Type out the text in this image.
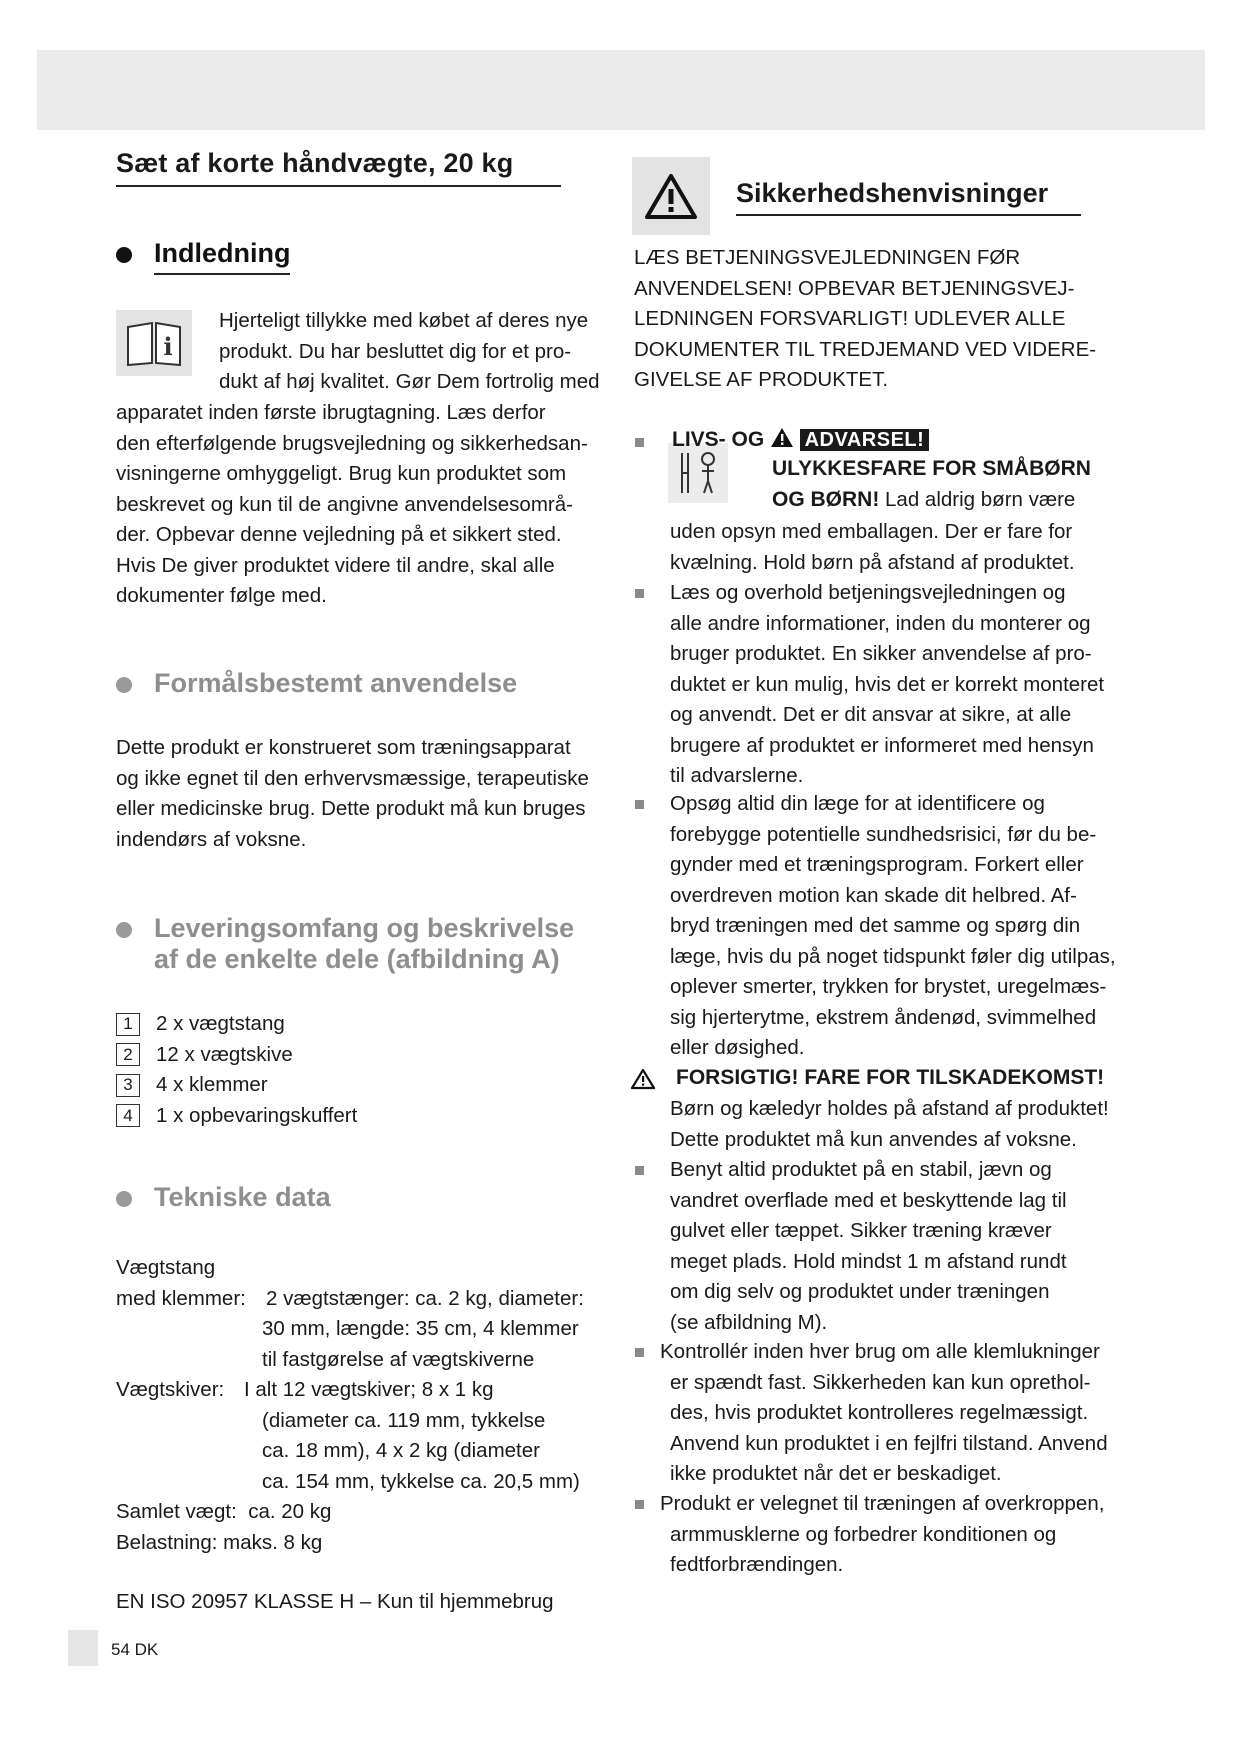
Sæt af korte håndvægte, 20 kg
Indledning
i
Hjerteligt tillykke med købet af deres nye
produkt. Du har besluttet dig for et pro-
dukt af høj kvalitet. Gør Dem fortrolig med
apparatet inden første ibrugtagning. Læs derfor
den efterfølgende brugsvejledning og sikkerhedsan-
visningerne omhyggeligt. Brug kun produktet som
beskrevet og kun til de angivne anvendelsesområ-
der. Opbevar denne vejledning på et sikkert sted.
Hvis De giver produktet videre til andre, skal alle
dokumenter følge med.
Formålsbestemt anvendelse
Dette produkt er konstrueret som træningsapparat
og ikke egnet til den erhvervsmæssige, terapeutiske
eller medicinske brug. Dette produkt må kun bruges
indendørs af voksne.
Leveringsomfang og beskrivelse
af de enkelte dele (afbildning A)
1	2 x vægtstang
2	12 x vægtskive
3	4 x klemmer
4	1 x opbevaringskuffert
Tekniske data
Vægtstang
med klemmer: 2 vægtstænger: ca. 2 kg, diameter:
30 mm, længde: 35 cm, 4 klemmer
til fastgørelse af vægtskiverne
Vægtskiver: I alt 12 vægtskiver; 8 x 1 kg
(diameter ca. 119 mm, tykkelse
ca. 18 mm), 4 x 2 kg (diameter
ca. 154 mm, tykkelse ca. 20,5 mm)
Samlet vægt: ca. 20 kg
Belastning: maks. 8 kg
EN ISO 20957 KLASSE H – Kun til hjemmebrug
54 DK
Sikkerhedshenvisninger
LÆS BETJENINGSVEJLEDNINGEN FØR
ANVENDELSEN! OPBEVAR BETJENINGSVEJ-
LEDNINGEN FORSVARLIGT! UDLEVER ALLE
DOKUMENTER TIL TREDJEMAND VED VIDERE-
GIVELSE AF PRODUKTET.
LIVS- OG ADVARSEL!
ULYKKESFARE FOR SMÅBØRN
OG BØRN! Lad aldrig børn være
uden opsyn med emballagen. Der er fare for
kvælning. Hold børn på afstand af produktet.
Læs og overhold betjeningsvejledningen og
alle andre informationer, inden du monterer og
bruger produktet. En sikker anvendelse af pro-
duktet er kun mulig, hvis det er korrekt monteret
og anvendt. Det er dit ansvar at sikre, at alle
brugere af produktet er informeret med hensyn
til advarslerne.
Opsøg altid din læge for at identificere og
forebygge potentielle sundhedsrisici, før du be-
gynder med et træningsprogram. Forkert eller
overdreven motion kan skade dit helbred. Af-
bryd træningen med det samme og spørg din
læge, hvis du på noget tidspunkt føler dig utilpas,
oplever smerter, trykken for brystet, uregelmæs-
sig hjerterytme, ekstrem åndenød, svimmelhed
eller døsighed.
FORSIGTIG! FARE FOR TILSKADEKOMST!
Børn og kæledyr holdes på afstand af produktet!
Dette produktet må kun anvendes af voksne.
Benyt altid produktet på en stabil, jævn og
vandret overflade med et beskyttende lag til
gulvet eller tæppet. Sikker træning kræver
meget plads. Hold mindst 1 m afstand rundt
om dig selv og produktet under træningen
(se afbildning M).
Kontrollér inden hver brug om alle klemlukninger
er spændt fast. Sikkerheden kan kun oprethol-
des, hvis produktet kontrolleres regelmæssigt.
Anvend kun produktet i en fejlfri tilstand. Anvend
ikke produktet når det er beskadiget.
Produkt er velegnet til træningen af overkroppen,
armmusklerne og forbedrer konditionen og
fedtforbrændingen.
